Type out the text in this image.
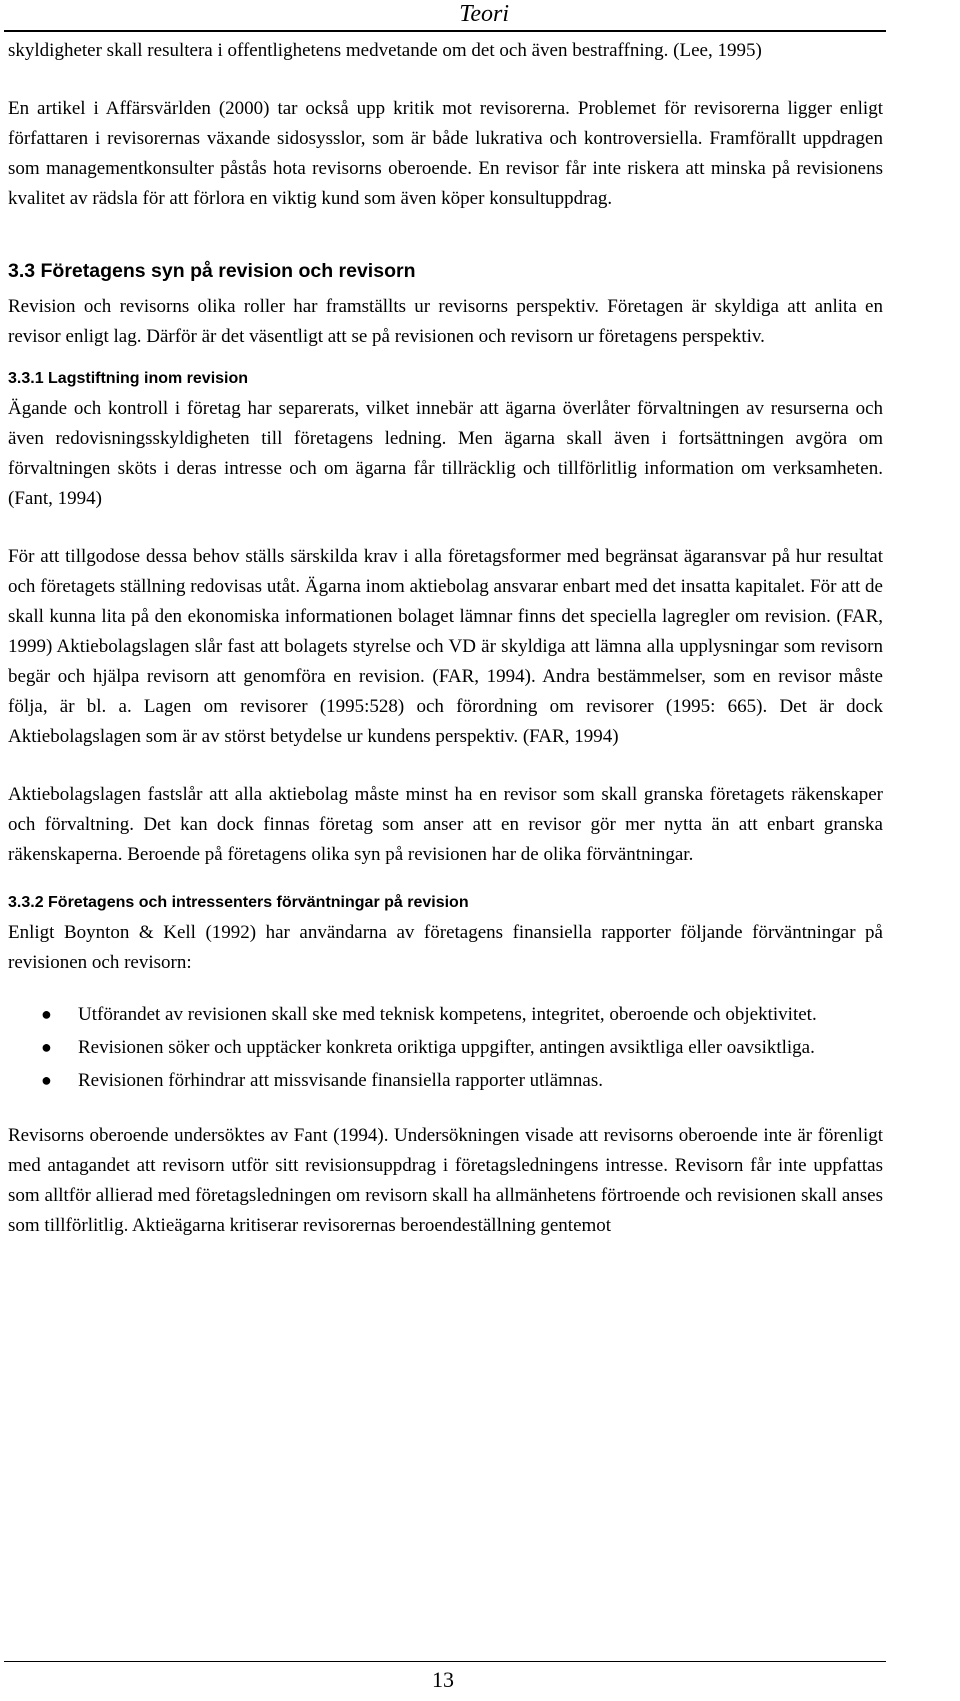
Teori

skyldigheter skall resultera i offentlighetens medvetande om det och även bestraffning. (Lee, 1995)

En artikel i Affärsvärlden (2000) tar också upp kritik mot revisorerna. Problemet för revisorerna ligger enligt författaren i revisorernas växande sidosysslor, som är både lukrativa och kontroversiella. Framförallt uppdragen som managementkonsulter påstås hota revisorns oberoende. En revisor får inte riskera att minska på revisionens kvalitet av rädsla för att förlora en viktig kund som även köper konsultuppdrag.

3.3 Företagens syn på revision och revisorn

Revision och revisorns olika roller har framställts ur revisorns perspektiv. Företagen är skyldiga att anlita en revisor enligt lag. Därför är det väsentligt att se på revisionen och revisorn ur företagens perspektiv.

3.3.1 Lagstiftning inom revision

Ägande och kontroll i företag har separerats, vilket innebär att ägarna överlåter förvaltningen av resurserna och även redovisningsskyldigheten till företagens ledning. Men ägarna skall även i fortsättningen avgöra om förvaltningen sköts i deras intresse och om ägarna får tillräcklig och tillförlitlig information om verksamheten. (Fant, 1994)

För att tillgodose dessa behov ställs särskilda krav i alla företagsformer med begränsat ägaransvar på hur resultat och företagets ställning redovisas utåt. Ägarna inom aktiebolag ansvarar enbart med det insatta kapitalet. För att de skall kunna lita på den ekonomiska informationen bolaget lämnar finns det speciella lagregler om revision. (FAR, 1999) Aktiebolagslagen slår fast att bolagets styrelse och VD är skyldiga att lämna alla upplysningar som revisorn begär och hjälpa revisorn att genomföra en revision. (FAR, 1994). Andra bestämmelser, som en revisor måste följa, är bl. a. Lagen om revisorer (1995:528) och förordning om revisorer (1995: 665). Det är dock Aktiebolagslagen som är av störst betydelse ur kundens perspektiv. (FAR, 1994)

Aktiebolagslagen fastslår att alla aktiebolag måste minst ha en revisor som skall granska företagets räkenskaper och förvaltning. Det kan dock finnas företag som anser att en revisor gör mer nytta än att enbart granska räkenskaperna. Beroende på företagens olika syn på revisionen har de olika förväntningar.

3.3.2 Företagens och intressenters förväntningar på revision

Enligt Boynton & Kell (1992) har användarna av företagens finansiella rapporter följande förväntningar på revisionen och revisorn:

● Utförandet av revisionen skall ske med teknisk kompetens, integritet, oberoende och objektivitet.
● Revisionen söker och upptäcker konkreta oriktiga uppgifter, antingen avsiktliga eller oavsiktliga.
● Revisionen förhindrar att missvisande finansiella rapporter utlämnas.

Revisorns oberoende undersöktes av Fant (1994). Undersökningen visade att revisorns oberoende inte är förenligt med antagandet att revisorn utför sitt revisionsuppdrag i företagsledningens intresse. Revisorn får inte uppfattas som alltför allierad med företagsledningen om revisorn skall ha allmänhetens förtroende och revisionen skall anses som tillförlitlig. Aktieägarna kritiserar revisorernas beroendeställning gentemot

13
